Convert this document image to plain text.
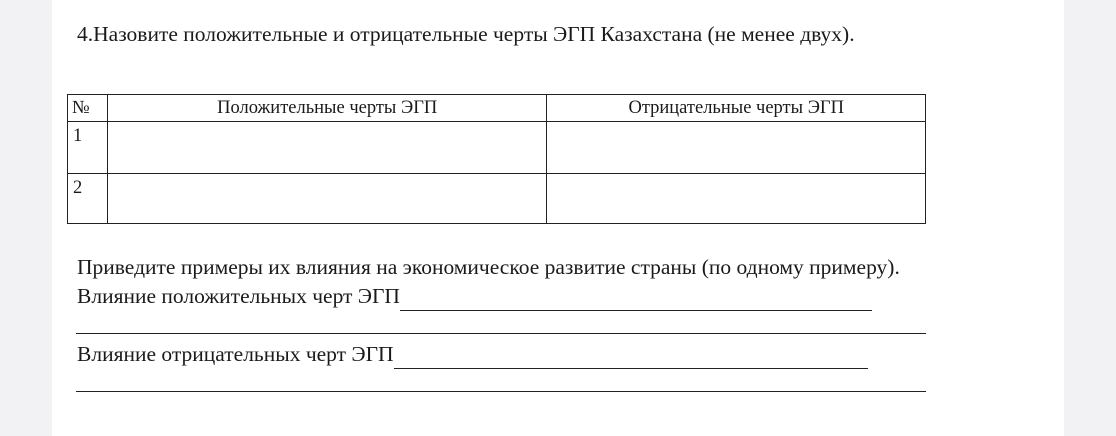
4.Назовите положительные и отрицательные черты ЭГП Казахстана (не менее двух).
№	Положительные черты ЭГП	Отрицательные черты ЭГП
1		
2		

Приведите примеры их влияния на экономическое развитие страны (по одному примеру).

Влияние положительных черт ЭГП
Влияние отрицательных черт ЭГП
